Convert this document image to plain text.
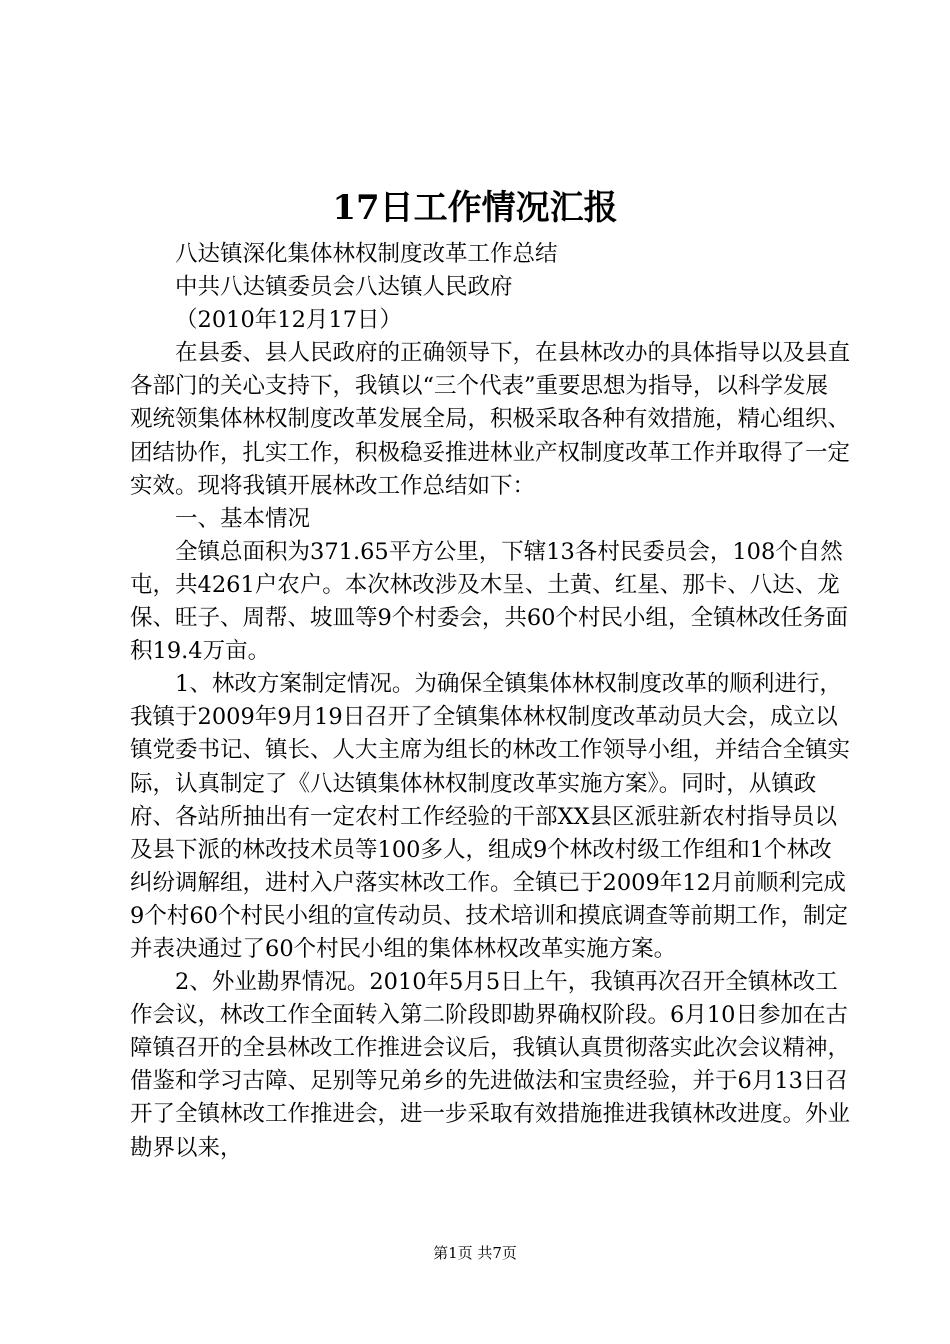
17日工作情况汇报

八达镇深化集体林权制度改革工作总结

中共八达镇委员会八达镇人民政府

（2010年12月17日）

在县委、县人民政府的正确领导下，在县林改办的具体指导以及县直各部门的关心支持下，我镇以“三个代表”重要思想为指导，以科学发展观统领集体林权制度改革发展全局，积极采取各种有效措施，精心组织、团结协作，扎实工作，积极稳妥推进林业产权制度改革工作并取得了一定实效。现将我镇开展林改工作总结如下：

一、基本情况

全镇总面积为371.65平方公里，下辖13各村民委员会，108个自然屯，共4261户农户。本次林改涉及木呈、土黄、红星、那卡、八达、龙保、旺子、周帮、坡皿等9个村委会，共60个村民小组，全镇林改任务面积19.4万亩。

1、林改方案制定情况。为确保全镇集体林权制度改革的顺利进行，我镇于2009年9月19日召开了全镇集体林权制度改革动员大会，成立以镇党委书记、镇长、人大主席为组长的林改工作领导小组，并结合全镇实际，认真制定了《八达镇集体林权制度改革实施方案》。同时，从镇政府、各站所抽出有一定农村工作经验的干部XX县区派驻新农村指导员以及县下派的林改技术员等100多人，组成9个林改村级工作组和1个林改纠纷调解组，进村入户落实林改工作。全镇已于2009年12月前顺利完成9个村60个村民小组的宣传动员、技术培训和摸底调查等前期工作，制定并表决通过了60个村民小组的集体林权改革实施方案。

2、外业勘界情况。2010年5月5日上午，我镇再次召开全镇林改工作会议，林改工作全面转入第二阶段即勘界确权阶段。6月10日参加在古障镇召开的全县林改工作推进会议后，我镇认真贯彻落实此次会议精神，借鉴和学习古障、足别等兄弟乡的先进做法和宝贵经验，并于6月13日召开了全镇林改工作推进会，进一步采取有效措施推进我镇林改进度。外业勘界以来，

第1页 共7页
